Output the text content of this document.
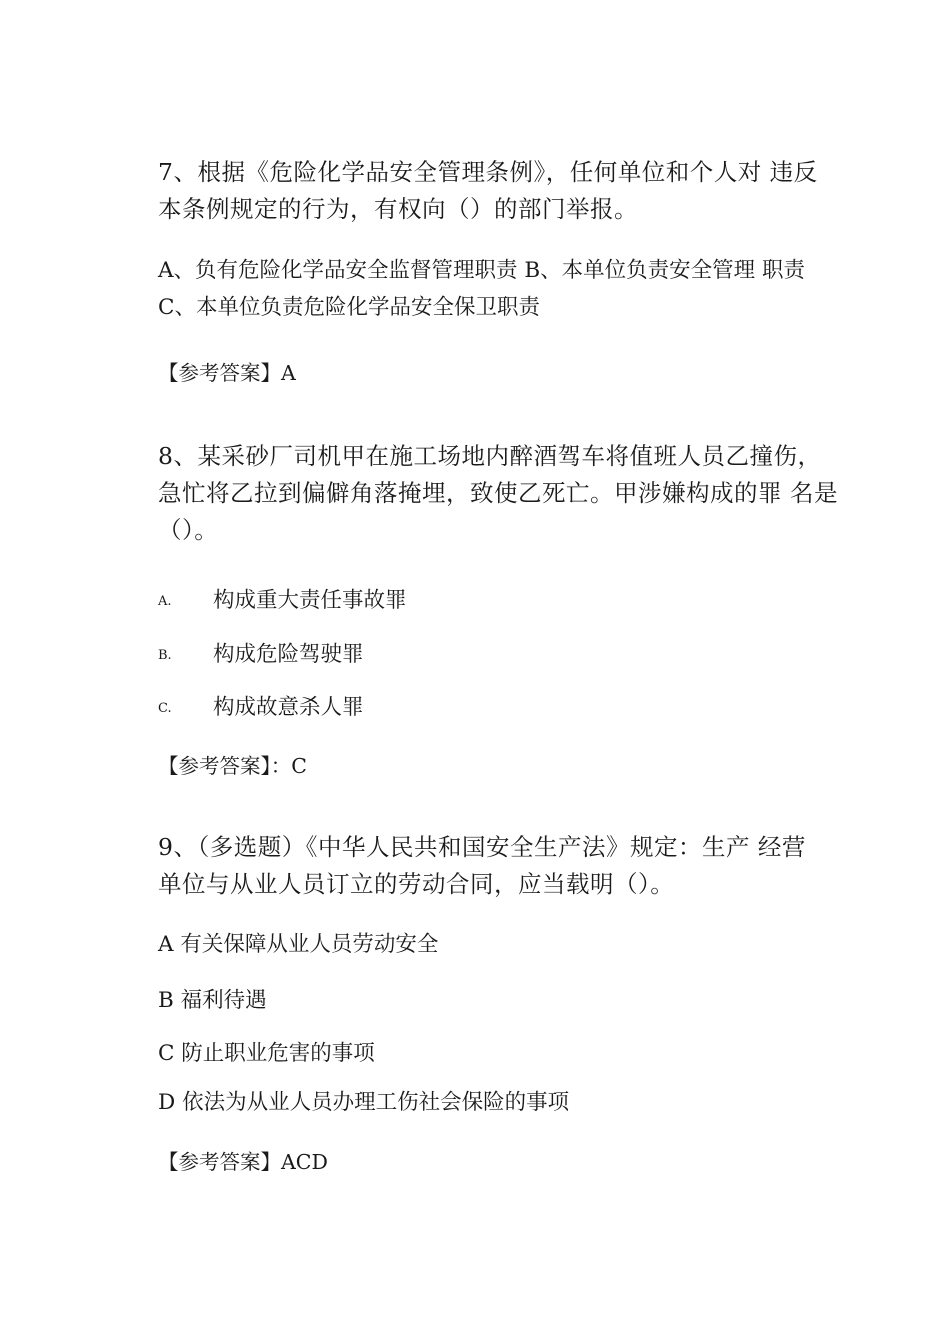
7、根据《危险化学品安全管理条例》，任何单位和个人对 违反
本条例规定的行为，有权向（）的部门举报。
A、负有危险化学品安全监督管理职责 B、本单位负责安全管理 职责
C、本单位负责危险化学品安全保卫职责
【参考答案】A
8、某采砂厂司机甲在施工场地内醉酒驾车将值班人员乙撞伤，
急忙将乙拉到偏僻角落掩埋，致使乙死亡。甲涉嫌构成的罪 名是
（）。
A. 构成重大责任事故罪
B. 构成危险驾驶罪
C. 构成故意杀人罪
【参考答案】：C
9、（多选题）《中华人民共和国安全生产法》规定：生产 经营
单位与从业人员订立的劳动合同，应当载明（）。
A 有关保障从业人员劳动安全
B 福利待遇
C 防止职业危害的事项
D 依法为从业人员办理工伤社会保险的事项
【参考答案】ACD
